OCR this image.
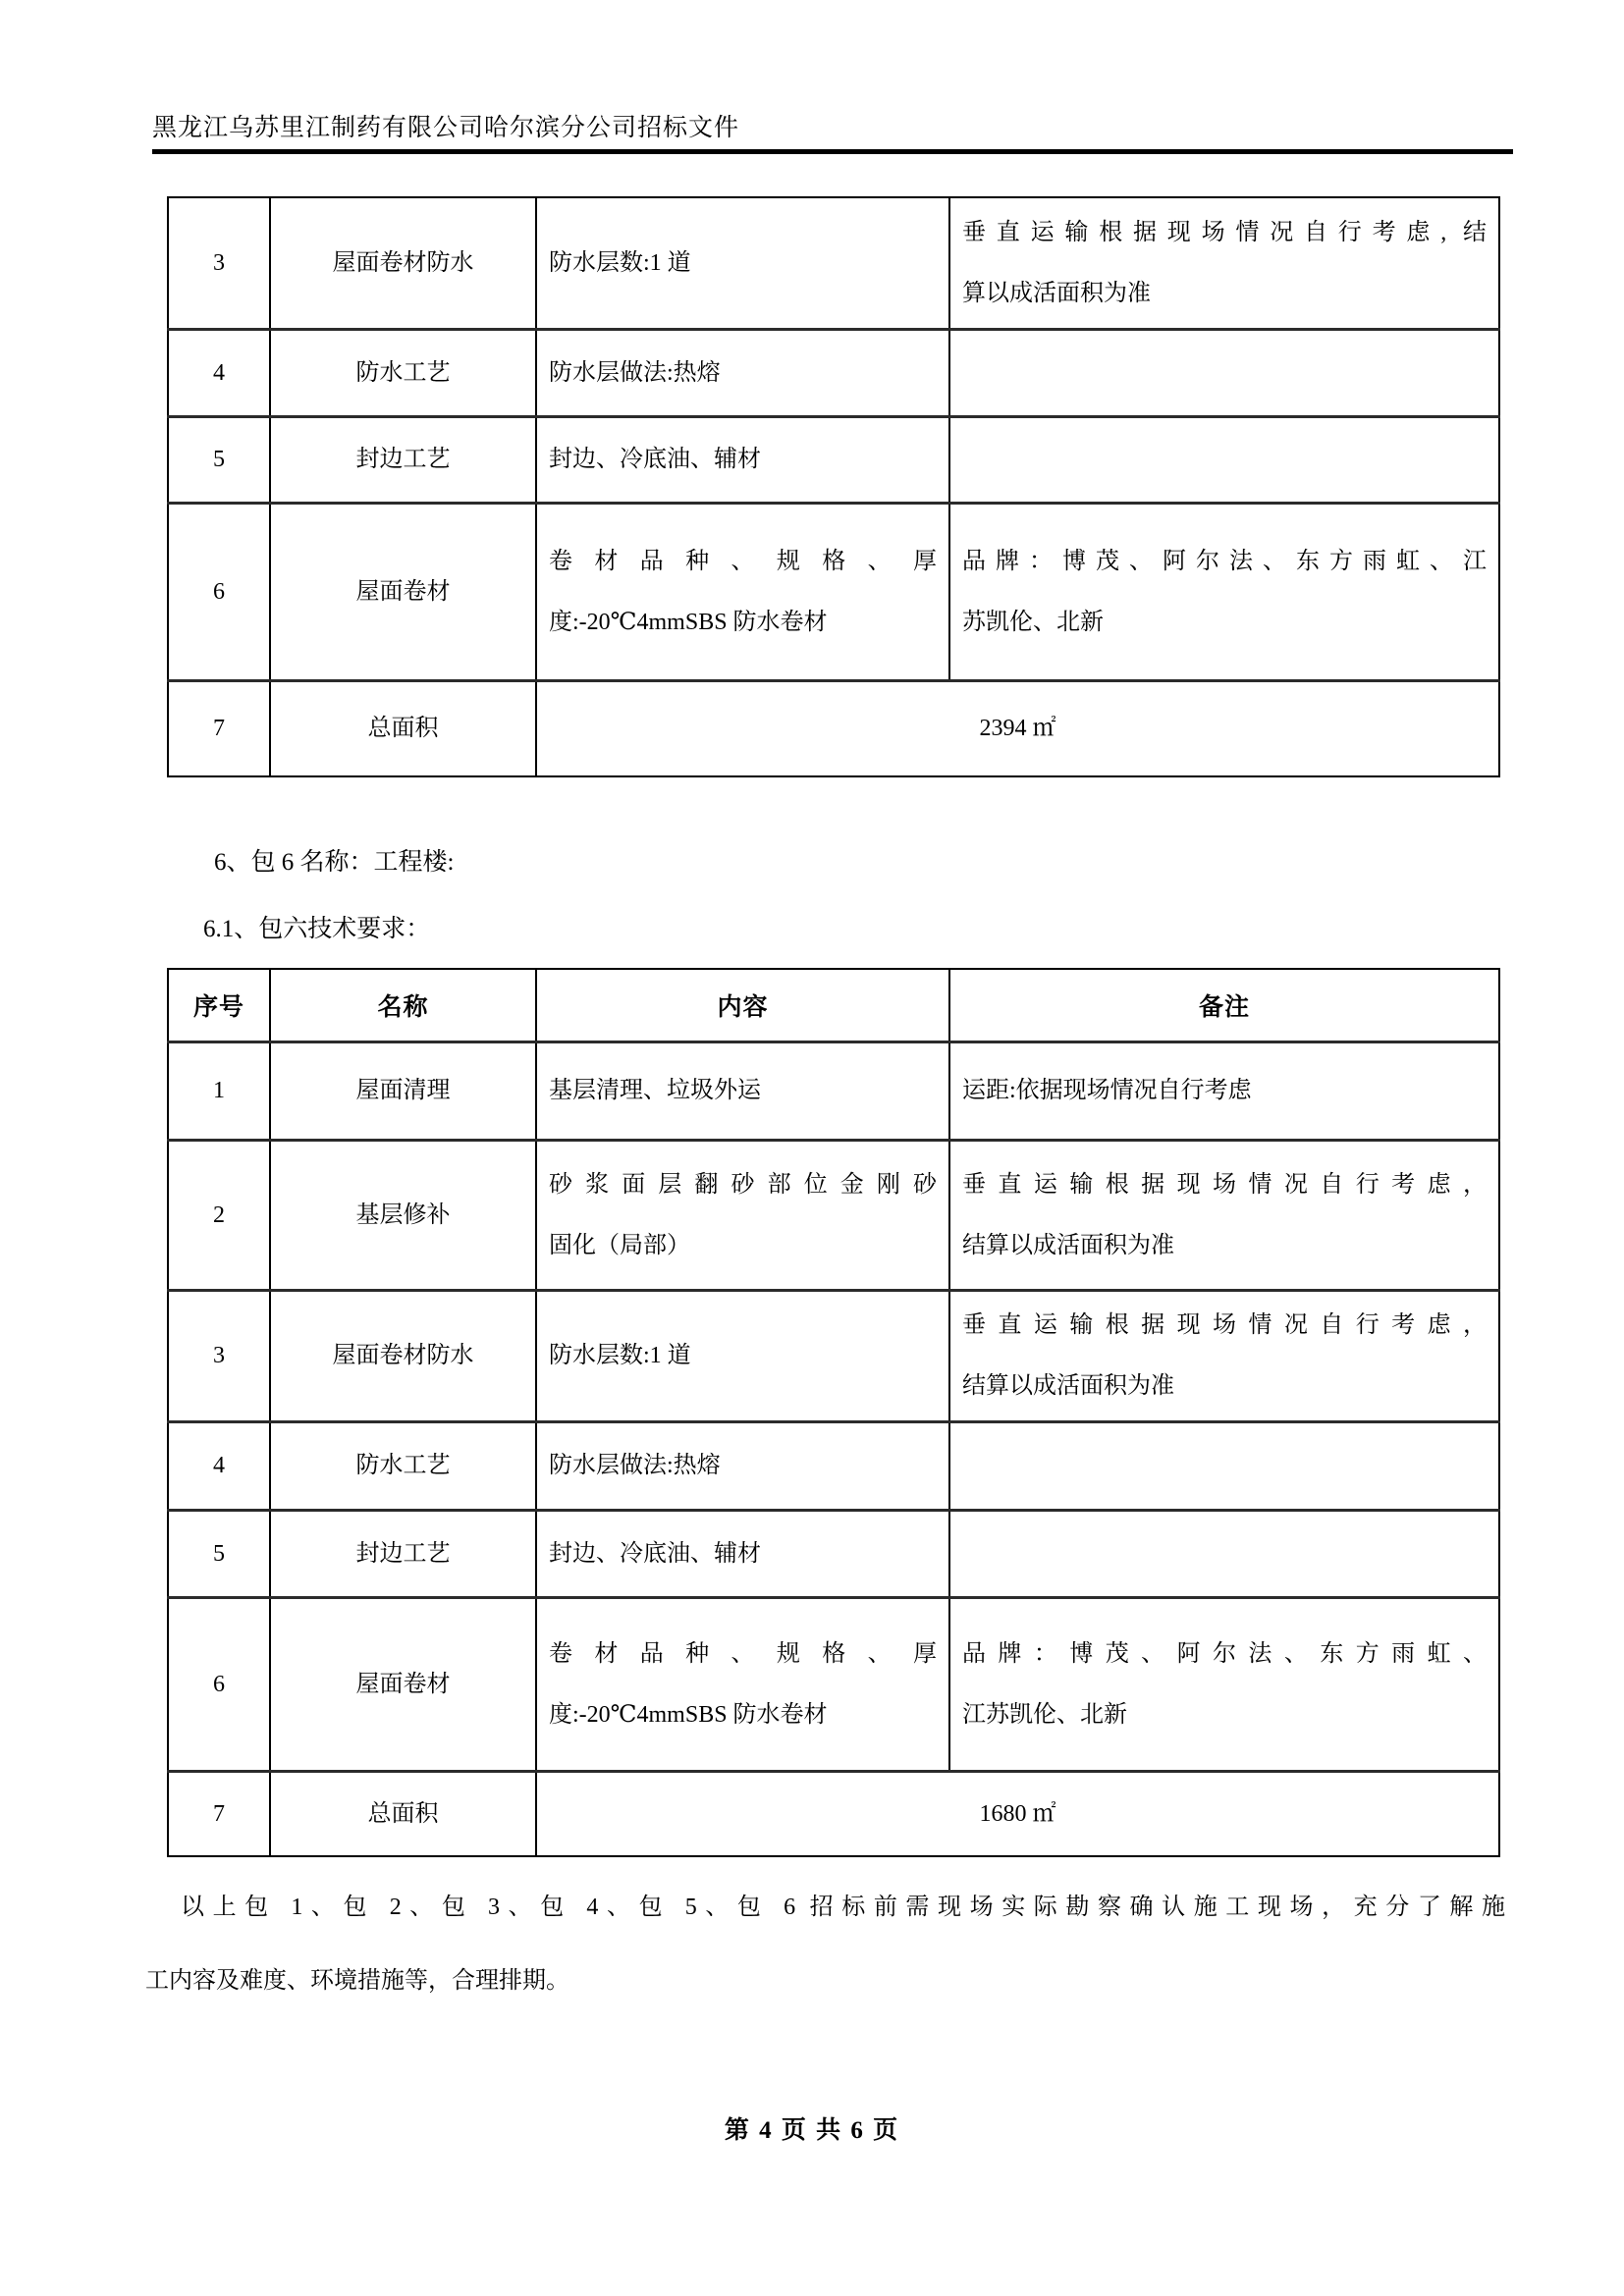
黑龙江乌苏里江制药有限公司哈尔滨分公司招标文件
3	屋面卷材防水	防水层数:1 道	垂直运输根据现场情况自行考虑, 结
算以成活面积为准

4	防水工艺	防水层做法:热熔	

5	封边工艺	封边、冷底油、辅材	

6	屋面卷材	卷材品种、规格、厚
度:-20℃4mmSBS 防水卷材	品牌：博茂、阿尔法、东方雨虹、江
苏凯伦、北新

7	总面积	2394 ㎡	
6、包 6 名称：工程楼:
6.1、包六技术要求：
序号	名称	内容	备注
1	屋面清理	基层清理、垃圾外运	运距:依据现场情况自行考虑

2	基层修补	砂浆面层翻砂部位金刚砂
固化（局部）	垂直运输根据现场情况自行考虑，
结算以成活面积为准

3	屋面卷材防水	防水层数:1 道	垂直运输根据现场情况自行考虑，
结算以成活面积为准

4	防水工艺	防水层做法:热熔	

5	封边工艺	封边、冷底油、辅材	

6	屋面卷材	卷材品种、规格、厚
度:-20℃4mmSBS 防水卷材	品牌：博茂、阿尔法、东方雨虹、
江苏凯伦、北新

7	总面积	1680 ㎡	
以上包 1、包 2、包 3、包 4、包 5、包 6 招标前需现场实际勘察确认施工现场，充分了解施
工内容及难度、环境措施等，合理排期。
第 4 页 共 6 页
